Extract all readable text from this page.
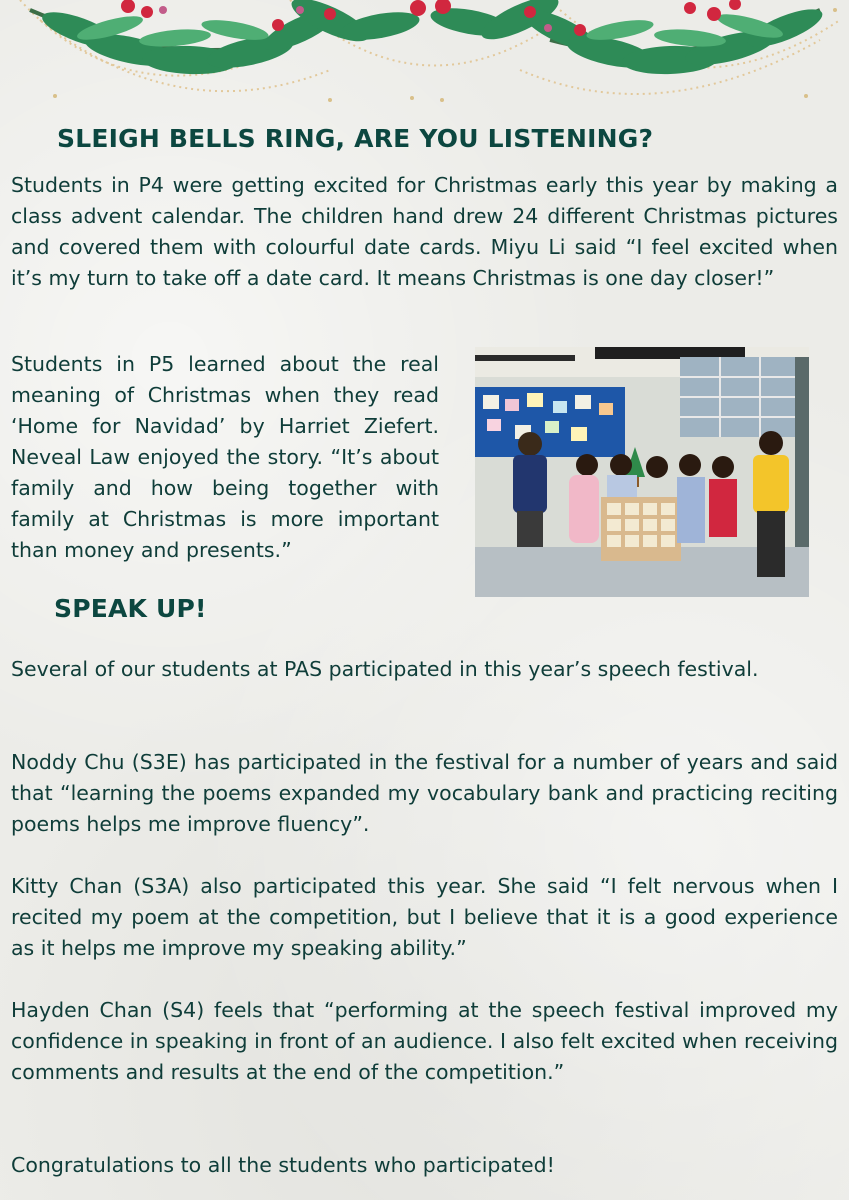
SLEIGH BELLS RING, ARE YOU LISTENING?

Students in P4 were getting excited for Christmas early this year by making a class advent calendar. The children hand drew 24 different Christmas pictures and covered them with colourful date cards. Miyu Li said “I feel excited when it’s my turn to take off a date card. It means Christmas is one day closer!”

Students in P5 learned about the real meaning of Christmas when they read ‘Home for Navidad’ by Harriet Ziefert. Neveal Law enjoyed the story. “It’s about family and how being together with family at Christmas is more important than money and presents.”

SPEAK UP!

Several of our students at PAS participated in this year’s speech festival.

Noddy Chu (S3E) has participated in the festival for a number of years and said that “learning the poems expanded my vocabulary bank and practicing reciting poems helps me improve fluency”.

Kitty Chan (S3A) also participated this year. She said “I felt nervous when I recited my poem at the competition, but I believe that it is a good experience as it helps me improve my speaking ability.”

Hayden Chan (S4) feels that “performing at the speech festival improved my confidence in speaking in front of an audience. I also felt excited when receiving comments and results at the end of the competition.”

Congratulations to all the students who participated!
